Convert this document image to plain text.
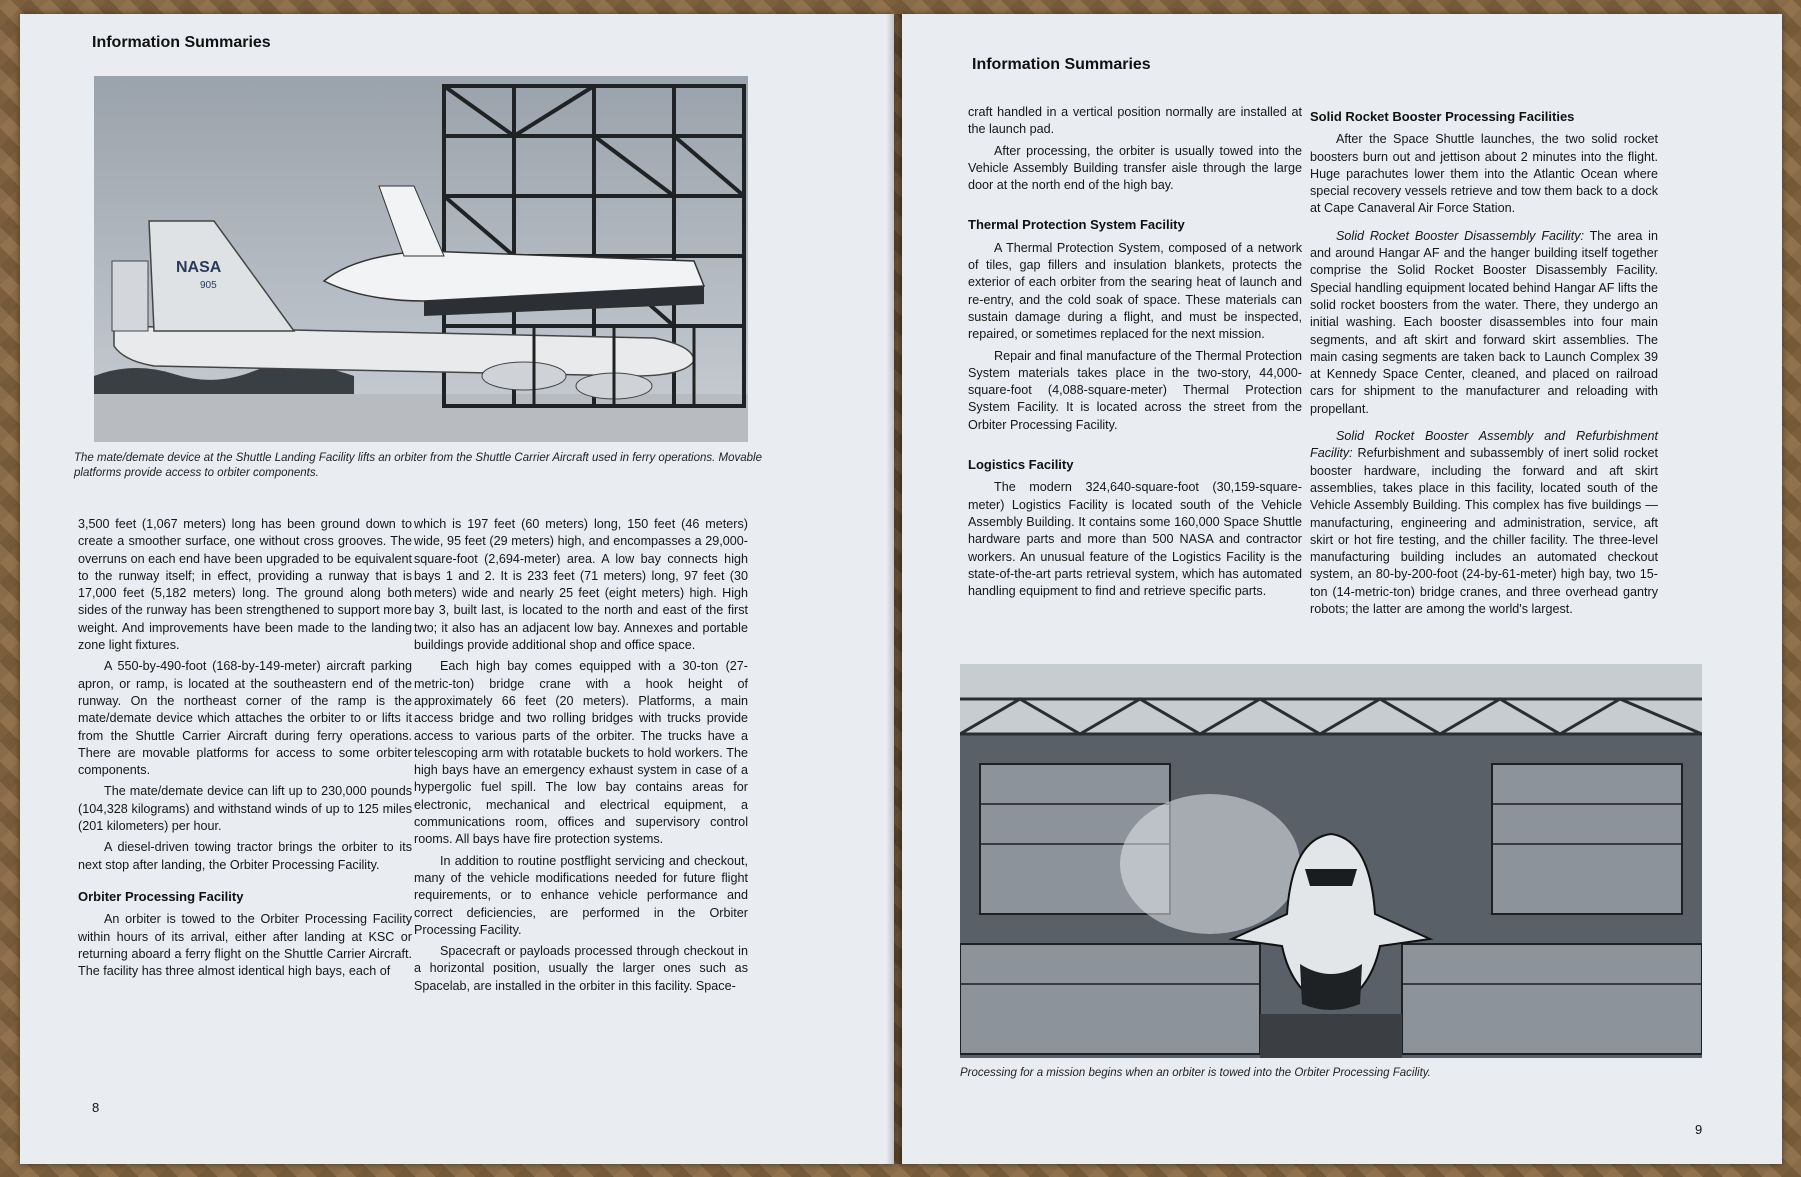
Information Summaries
NASA
905
The mate/demate device at the Shuttle Landing Facility lifts an orbiter from the Shuttle Carrier Aircraft used in ferry operations. Movable platforms provide access to orbiter components.

3,500 feet (1,067 meters) long has been ground down to create a smoother surface, one without cross grooves. The overruns on each end have been upgraded to be equivalent to the runway itself; in effect, providing a runway that is 17,000 feet (5,182 meters) long. The ground along both sides of the runway has been strengthened to support more weight. And improvements have been made to the landing zone light fixtures.

A 550-by-490-foot (168-by-149-meter) aircraft parking apron, or ramp, is located at the southeastern end of the runway. On the northeast corner of the ramp is the mate/demate device which attaches the orbiter to or lifts it from the Shuttle Carrier Aircraft during ferry operations. There are movable platforms for access to some orbiter components.

The mate/demate device can lift up to 230,000 pounds (104,328 kilograms) and withstand winds of up to 125 miles (201 kilometers) per hour.

A diesel-driven towing tractor brings the orbiter to its next stop after landing, the Orbiter Processing Facility.

Orbiter Processing Facility

An orbiter is towed to the Orbiter Processing Facility within hours of its arrival, either after landing at KSC or returning aboard a ferry flight on the Shuttle Carrier Aircraft. The facility has three almost identical high bays, each of

which is 197 feet (60 meters) long, 150 feet (46 meters) wide, 95 feet (29 meters) high, and encompasses a 29,000-square-foot (2,694-meter) area. A low bay connects high bays 1 and 2. It is 233 feet (71 meters) long, 97 feet (30 meters) wide and nearly 25 feet (eight meters) high. High bay 3, built last, is located to the north and east of the first two; it also has an adjacent low bay. Annexes and portable buildings provide additional shop and office space.

Each high bay comes equipped with a 30-ton (27-metric-ton) bridge crane with a hook height of approximately 66 feet (20 meters). Platforms, a main access bridge and two rolling bridges with trucks provide access to various parts of the orbiter. The trucks have a telescoping arm with rotatable buckets to hold workers. The high bays have an emergency exhaust system in case of a hypergolic fuel spill. The low bay contains areas for electronic, mechanical and electrical equipment, a communications room, offices and supervisory control rooms. All bays have fire protection systems.

In addition to routine postflight servicing and checkout, many of the vehicle modifications needed for future flight requirements, or to enhance vehicle performance and correct deficiencies, are performed in the Orbiter Processing Facility.

Spacecraft or payloads processed through checkout in a horizontal position, usually the larger ones such as Spacelab, are installed in the orbiter in this facility. Space-

8
Information Summaries

craft handled in a vertical position normally are installed at the launch pad.

After processing, the orbiter is usually towed into the Vehicle Assembly Building transfer aisle through the large door at the north end of the high bay.

Thermal Protection System Facility

A Thermal Protection System, composed of a network of tiles, gap fillers and insulation blankets, protects the exterior of each orbiter from the searing heat of launch and re-entry, and the cold soak of space. These materials can sustain damage during a flight, and must be inspected, repaired, or sometimes replaced for the next mission.

Repair and final manufacture of the Thermal Protection System materials takes place in the two-story, 44,000-square-foot (4,088-square-meter) Thermal Protection System Facility. It is located across the street from the Orbiter Processing Facility.

Logistics Facility

The modern 324,640-square-foot (30,159-square-meter) Logistics Facility is located south of the Vehicle Assembly Building. It contains some 160,000 Space Shuttle hardware parts and more than 500 NASA and contractor workers. An unusual feature of the Logistics Facility is the state-of-the-art parts retrieval system, which has automated handling equipment to find and retrieve specific parts.

Solid Rocket Booster Processing Facilities

After the Space Shuttle launches, the two solid rocket boosters burn out and jettison about 2 minutes into the flight. Huge parachutes lower them into the Atlantic Ocean where special recovery vessels retrieve and tow them back to a dock at Cape Canaveral Air Force Station.

Solid Rocket Booster Disassembly Facility: The area in and around Hangar AF and the hanger building itself together comprise the Solid Rocket Booster Disassembly Facility. Special handling equipment located behind Hangar AF lifts the solid rocket boosters from the water. There, they undergo an initial washing. Each booster disassembles into four main segments, and aft skirt and forward skirt assemblies. The main casing segments are taken back to Launch Complex 39 at Kennedy Space Center, cleaned, and placed on railroad cars for shipment to the manufacturer and reloading with propellant.

Solid Rocket Booster Assembly and Refurbishment Facility: Refurbishment and subassembly of inert solid rocket booster hardware, including the forward and aft skirt assemblies, takes place in this facility, located south of the Vehicle Assembly Building. This complex has five buildings — manufacturing, engineering and administration, service, aft skirt or hot fire testing, and the chiller facility. The three-level manufacturing building includes an automated checkout system, an 80-by-200-foot (24-by-61-meter) high bay, two 15-ton (14-metric-ton) bridge cranes, and three overhead gantry robots; the latter are among the world's largest.

Processing for a mission begins when an orbiter is towed into the Orbiter Processing Facility.
9
